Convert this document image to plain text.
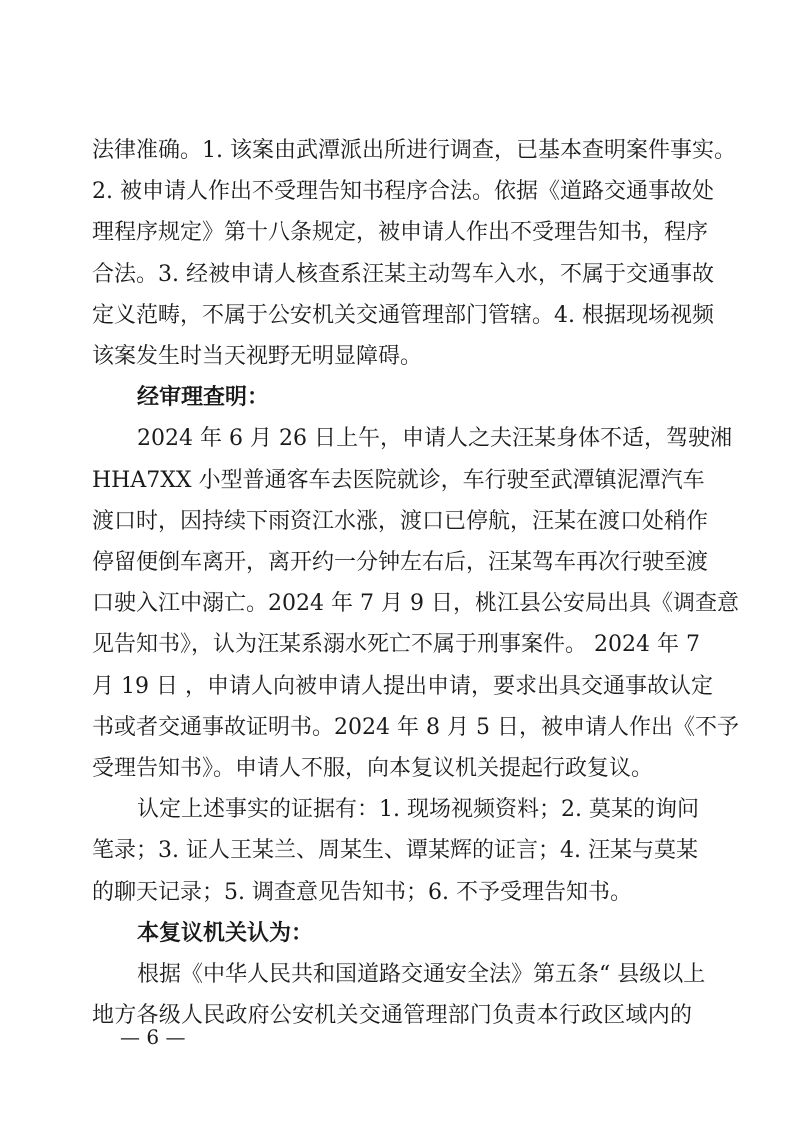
法律准确。1. 该案由武潭派出所进行调查，已基本查明案件事实。
2. 被申请人作出不受理告知书程序合法。依据《道路交通事故处
理程序规定》第十八条规定，被申请人作出不受理告知书，程序
合法。3. 经被申请人核查系汪某主动驾车入水，不属于交通事故
定义范畴，不属于公安机关交通管理部门管辖。4. 根据现场视频
该案发生时当天视野无明显障碍。
经审理查明：
2024 年 6 月 26 日上午，申请人之夫汪某身体不适，驾驶湘
HHA7XX 小型普通客车去医院就诊，车行驶至武潭镇泥潭汽车
渡口时，因持续下雨资江水涨，渡口已停航，汪某在渡口处稍作
停留便倒车离开，离开约一分钟左右后，汪某驾车再次行驶至渡
口驶入江中溺亡。2024 年 7 月 9 日，桃江县公安局出具《调查意
见告知书》，认为汪某系溺水死亡不属于刑事案件。 2024 年 7
月 19 日 ，申请人向被申请人提出申请，要求出具交通事故认定
书或者交通事故证明书。2024 年 8 月 5 日，被申请人作出《不予
受理告知书》。申请人不服，向本复议机关提起行政复议。
认定上述事实的证据有：1. 现场视频资料；2. 莫某的询问
笔录；3. 证人王某兰、周某生、谭某辉的证言；4. 汪某与莫某
的聊天记录；5. 调查意见告知书；6. 不予受理告知书。
本复议机关认为：
根据《中华人民共和国道路交通安全法》第五条“ 县级以上
地方各级人民政府公安机关交通管理部门负责本行政区域内的
— 6 —
